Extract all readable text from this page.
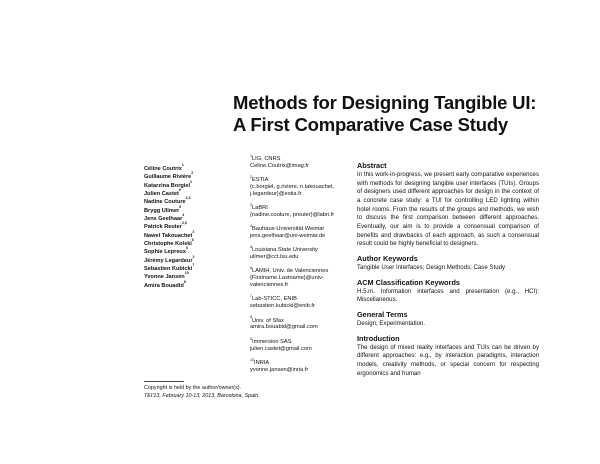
Methods for Designing Tangible UI:
A First Comparative Case Study
Céline Coutrix$^1$
Guillaume Rivière$^2$
Katarzina Borgiel$^1$
Julien Castet$^9$
Nadine Couture$^{2,3}$
Brygg Ullmer$^5$
Jens Geelhaar$^4$
Patrick Reuter$^{2,3}$
Nawel Takouachet$^2$
Christophe Kolski$^6$
Sophie Lepreux$^6$
Jérémy Legardeur$^2$
Sebastien Kubicki$^7$
Yvonne Jansen$^{10}$
Amira Bouadid$^8$
$^1$LIG, CNRS
Celine.Coutrix@imag.fr
$^2$ESTIA
{c.borgiel, g.riviere, n.takouachet,
j.legardeur}@estia.fr
$^3$LaBRI
{nadine.couture, preuter}@labri.fr
$^4$Bauhaus-Universität Weimar
jens.geelhaar@uni-weimar.de
$^5$Louisiana State University
ullmer@cct.lsu.edu
$^6$LAMIH, Univ. de Valenciennes
{Firstname.Lastname}@univ-
valenciennes.fr
$^7$Lab-STICC, ENIB
sebastien.kubicki@enib.fr
$^8$Univ. of Sfax
amira.bouabid@gmail.com
$^9$Immersion SAS
julien.castet@gmail.com
$^{10}$INRIA
yvonne.jansen@inria.fr
Copyright is held by the author/owner(s).
TEI'13, February 10-13, 2013, Barcelona, Spain.
Abstract
In this work-in-progress, we present early comparative experiences with methods for designing tangible user interfaces (TUIs). Groups of designers used different approaches for design in the context of a concrete case study: a TUI for controlling LED lighting within hotel rooms. From the results of the groups and methods, we wish to discuss the first comparison between different approaches. Eventually, our aim is to provide a consensual comparison of benefits and drawbacks of each approach, as such a consensual result could be highly beneficial to designers.
Author Keywords
Tangible User Interfaces; Design Methods; Case Study
ACM Classification Keywords
H.5.m. Information interfaces and presentation (e.g., HCI): Miscellaneous.
General Terms
Design, Experimentation.
Introduction
The design of mixed reality interfaces and TUIs can be driven by different approaches: e.g., by interaction paradigms, interaction models, creativity methods, or special concern for respecting ergonomics and human
